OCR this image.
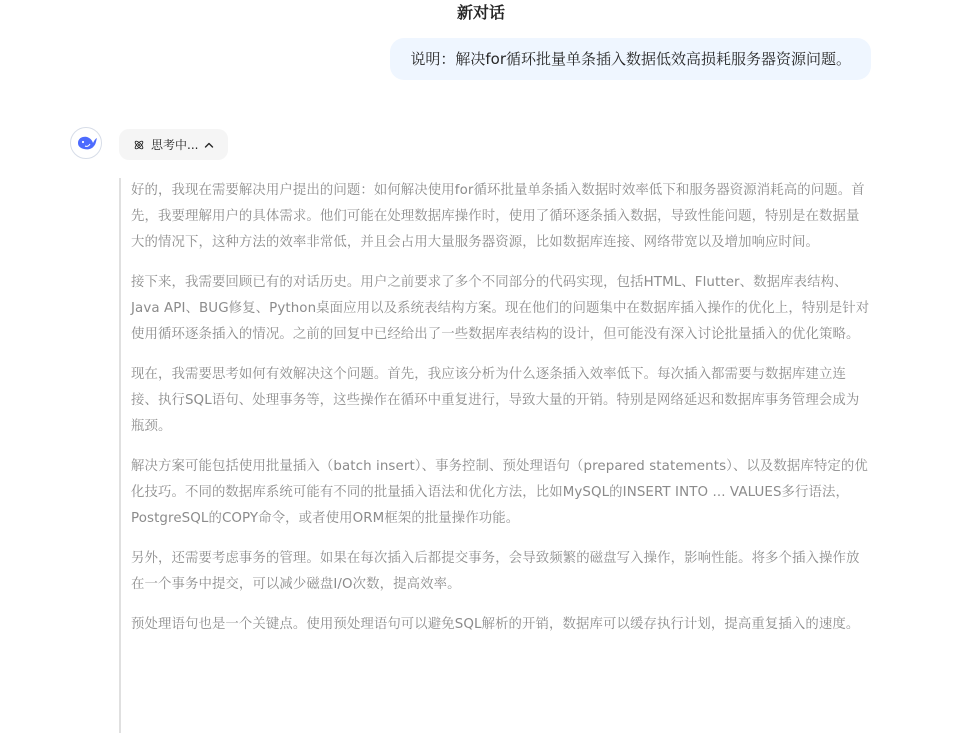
新对话
说明：解决for循环批量单条插入数据低效高损耗服务器资源问题。
思考中...

好的，我现在需要解决用户提出的问题：如何解决使用for循环批量单条插入数据时效率低下和服务器资源消耗高的问题。首先，我要理解用户的具体需求。他们可能在处理数据库操作时，使用了循环逐条插入数据，导致性能问题，特别是在数据量大的情况下，这种方法的效率非常低，并且会占用大量服务器资源，比如数据库连接、网络带宽以及增加响应时间。

接下来，我需要回顾已有的对话历史。用户之前要求了多个不同部分的代码实现，包括HTML、Flutter、数据库表结构、Java API、BUG修复、Python桌面应用以及系统表结构方案。现在他们的问题集中在数据库插入操作的优化上，特别是针对使用循环逐条插入的情况。之前的回复中已经给出了一些数据库表结构的设计，但可能没有深入讨论批量插入的优化策略。

现在，我需要思考如何有效解决这个问题。首先，我应该分析为什么逐条插入效率低下。每次插入都需要与数据库建立连接、执行SQL语句、处理事务等，这些操作在循环中重复进行，导致大量的开销。特别是网络延迟和数据库事务管理会成为瓶颈。

解决方案可能包括使用批量插入（batch insert）、事务控制、预处理语句（prepared statements）、以及数据库特定的优化技巧。不同的数据库系统可能有不同的批量插入语法和优化方法，比如MySQL的INSERT INTO ... VALUES多行语法，PostgreSQL的COPY命令，或者使用ORM框架的批量操作功能。

另外，还需要考虑事务的管理。如果在每次插入后都提交事务，会导致频繁的磁盘写入操作，影响性能。将多个插入操作放在一个事务中提交，可以减少磁盘I/O次数，提高效率。

预处理语句也是一个关键点。使用预处理语句可以避免SQL解析的开销，数据库可以缓存执行计划，提高重复插入的速度。
